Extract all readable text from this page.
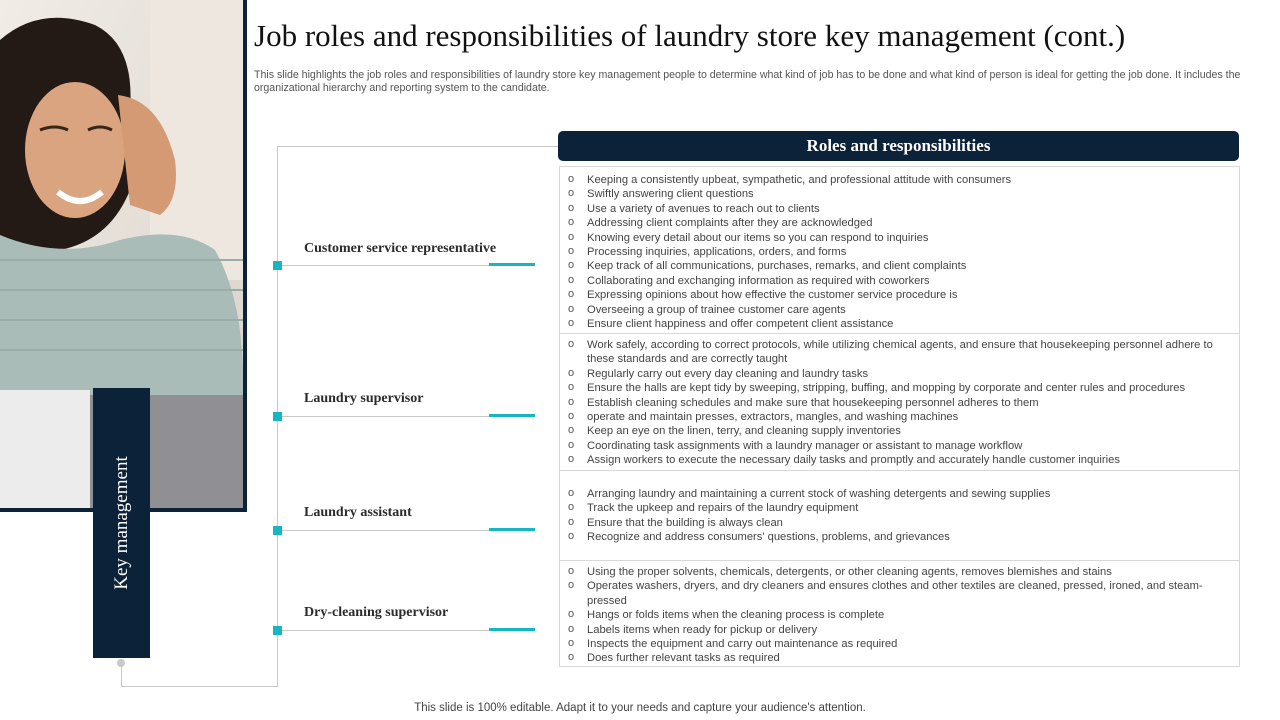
Job roles and responsibilities of laundry store key management (cont.)
This slide highlights the job roles and responsibilities of laundry store key management people to determine what kind of job has to be done and what kind of person is ideal for getting the job done. It includes the organizational hierarchy and reporting system to the candidate.
Key management
Customer service representative
Laundry supervisor
Laundry assistant
Dry-cleaning supervisor
Roles and responsibilities
o Keeping a consistently upbeat, sympathetic, and professional attitude with consumers
o Swiftly answering client questions
o Use a variety of avenues to reach out to clients
o Addressing client complaints after they are acknowledged
o Knowing every detail about our items so you can respond to inquiries
o Processing inquiries, applications, orders, and forms
o Keep track of all communications, purchases, remarks, and client complaints
o Collaborating and exchanging information as required with coworkers
o Expressing opinions about how effective the customer service procedure is
o Overseeing a group of trainee customer care agents
o Ensure client happiness and offer competent client assistance
o Work safely, according to correct protocols, while utilizing chemical agents, and ensure that housekeeping personnel adhere to these standards and are correctly taught
o Regularly carry out every day cleaning and laundry tasks
o Ensure the halls are kept tidy by sweeping, stripping, buffing, and mopping by corporate and center rules and procedures
o Establish cleaning schedules and make sure that housekeeping personnel adheres to them
o operate and maintain presses, extractors, mangles, and washing machines
o Keep an eye on the linen, terry, and cleaning supply inventories
o Coordinating task assignments with a laundry manager or assistant to manage workflow
o Assign workers to execute the necessary daily tasks and promptly and accurately handle customer inquiries
o Arranging laundry and maintaining a current stock of washing detergents and sewing supplies
o Track the upkeep and repairs of the laundry equipment
o Ensure that the building is always clean
o Recognize and address consumers' questions, problems, and grievances
o Using the proper solvents, chemicals, detergents, or other cleaning agents, removes blemishes and stains
o Operates washers, dryers, and dry cleaners and ensures clothes and other textiles are cleaned, pressed, ironed, and steam-pressed
o Hangs or folds items when the cleaning process is complete
o Labels items when ready for pickup or delivery
o Inspects the equipment and carry out maintenance as required
o Does further relevant tasks as required
This slide is 100% editable. Adapt it to your needs and capture your audience's attention.
